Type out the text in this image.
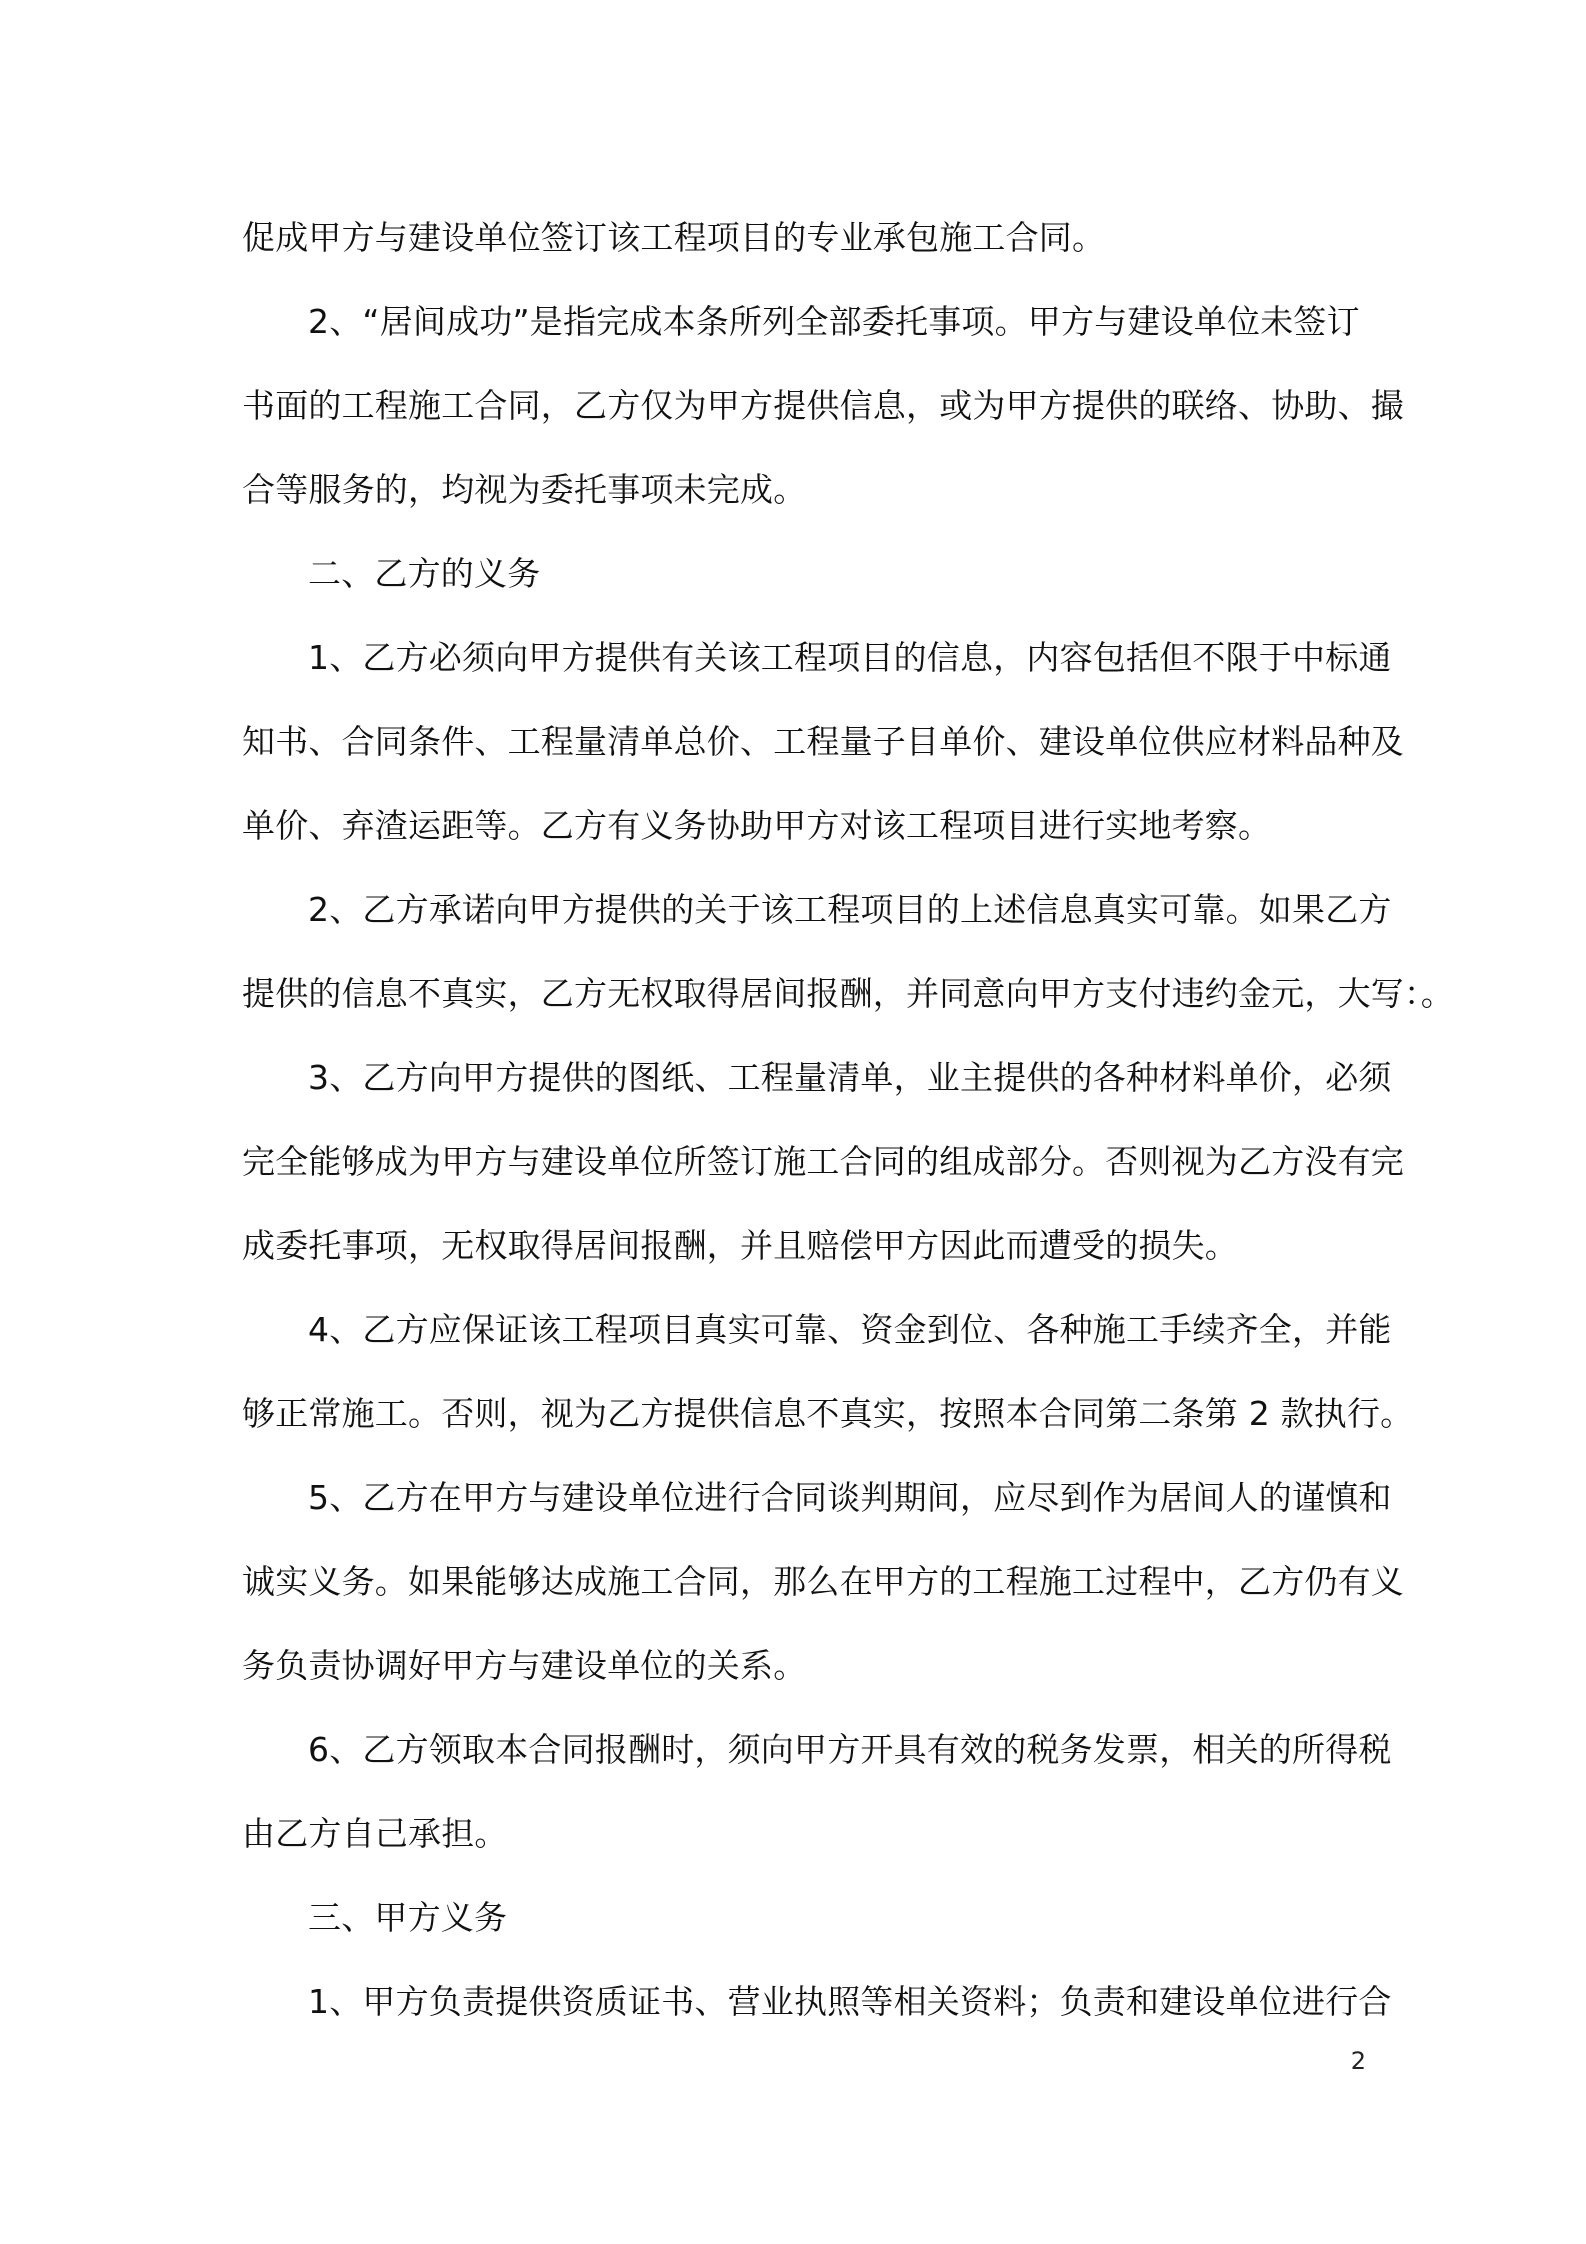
促成甲方与建设单位签订该工程项目的专业承包施工合同。
2、“居间成功”是指完成本条所列全部委托事项。甲方与建设单位未签订
书面的工程施工合同，乙方仅为甲方提供信息，或为甲方提供的联络、协助、撮
合等服务的，均视为委托事项未完成。
二、乙方的义务
1、乙方必须向甲方提供有关该工程项目的信息，内容包括但不限于中标通
知书、合同条件、工程量清单总价、工程量子目单价、建设单位供应材料品种及
单价、弃渣运距等。乙方有义务协助甲方对该工程项目进行实地考察。
2、乙方承诺向甲方提供的关于该工程项目的上述信息真实可靠。如果乙方
提供的信息不真实，乙方无权取得居间报酬，并同意向甲方支付违约金元，大写：。
3、乙方向甲方提供的图纸、工程量清单，业主提供的各种材料单价，必须
完全能够成为甲方与建设单位所签订施工合同的组成部分。否则视为乙方没有完
成委托事项，无权取得居间报酬，并且赔偿甲方因此而遭受的损失。
4、乙方应保证该工程项目真实可靠、资金到位、各种施工手续齐全，并能
够正常施工。否则，视为乙方提供信息不真实，按照本合同第二条第 2 款执行。
5、乙方在甲方与建设单位进行合同谈判期间，应尽到作为居间人的谨慎和
诚实义务。如果能够达成施工合同，那么在甲方的工程施工过程中，乙方仍有义
务负责协调好甲方与建设单位的关系。
6、乙方领取本合同报酬时，须向甲方开具有效的税务发票，相关的所得税
由乙方自己承担。
三、甲方义务
1、甲方负责提供资质证书、营业执照等相关资料；负责和建设单位进行合
2
